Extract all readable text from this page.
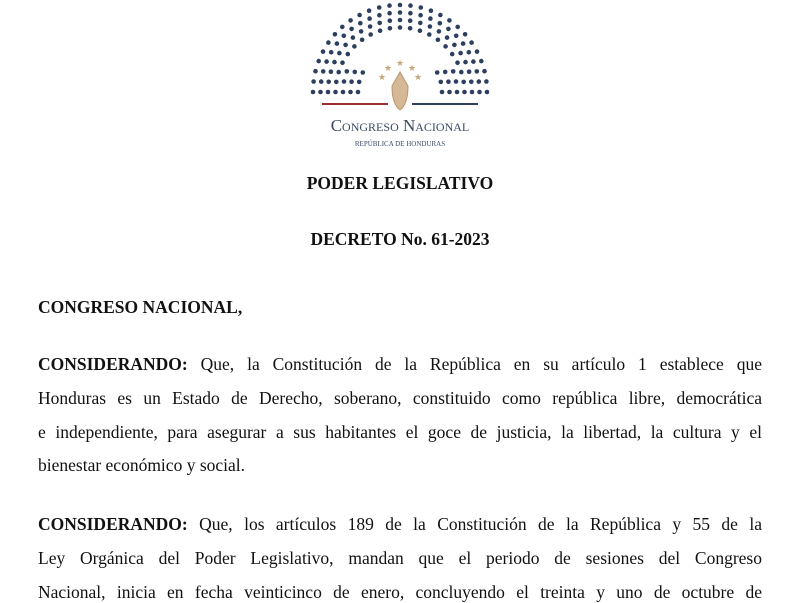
★
★ ★
★	★
Congreso Nacional
REPÚBLICA DE HONDURAS
PODER LEGISLATIVO
DECRETO No. 61-2023
CONGRESO NACIONAL,
CONSIDERANDO: Que, la Constitución de la República en su artículo 1 establece que
Honduras es un Estado de Derecho, soberano, constituido como república libre, democrática
e independiente, para asegurar a sus habitantes el goce de justicia, la libertad, la cultura y el
bienestar económico y social.
CONSIDERANDO: Que, los artículos 189 de la Constitución de la República y 55 de la
Ley Orgánica del Poder Legislativo, mandan que el periodo de sesiones del Congreso
Nacional, inicia en fecha veinticinco de enero, concluyendo el treinta y uno de octubre de
